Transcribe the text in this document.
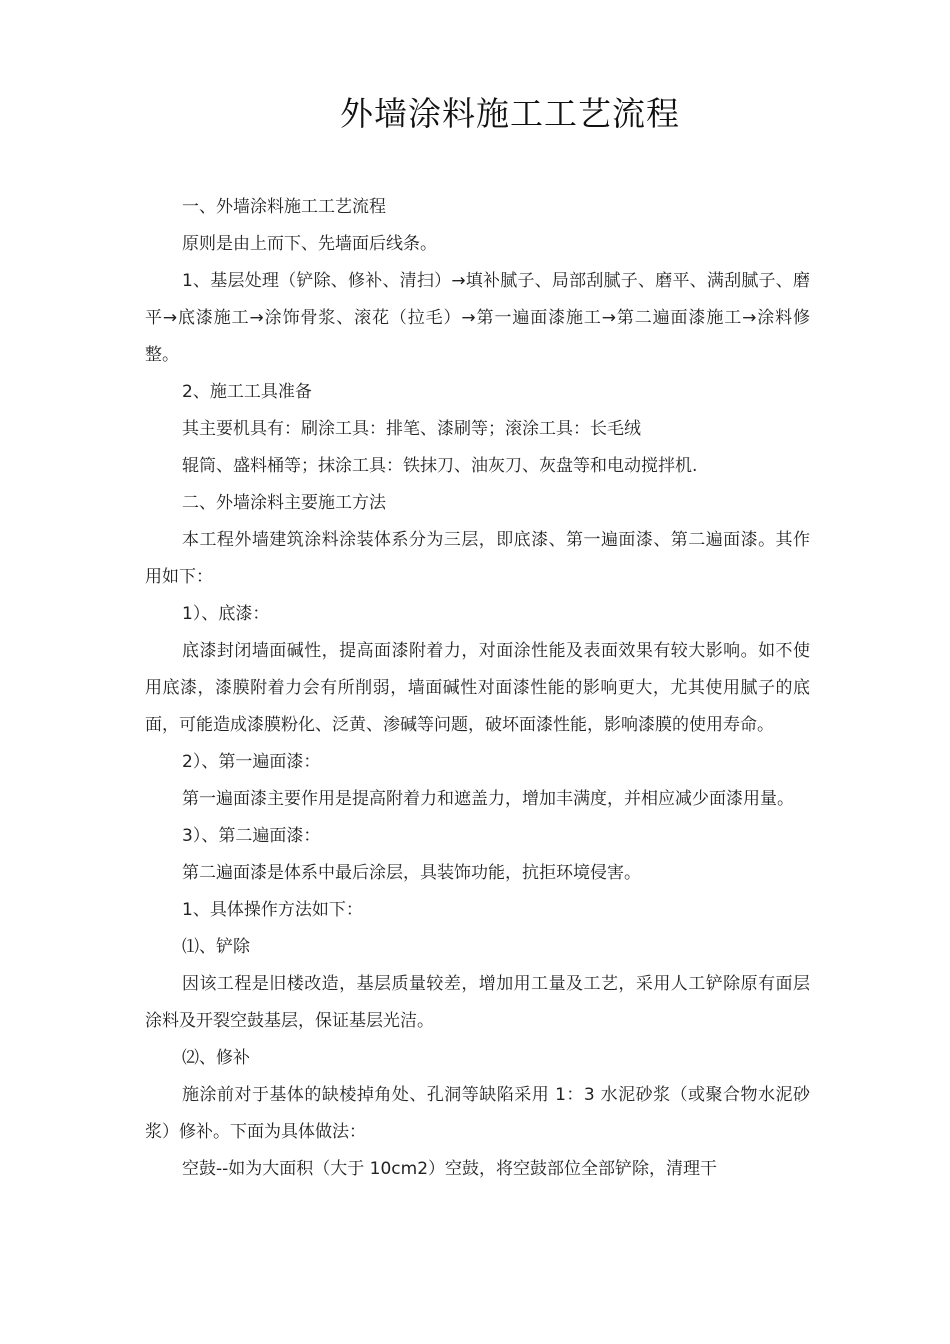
外墙涂料施工工艺流程

一、外墙涂料施工工艺流程

原则是由上而下、先墙面后线条。

1、基层处理（铲除、修补、清扫）→填补腻子、局部刮腻子、磨平、满刮腻子、磨平→底漆施工→涂饰骨浆、滚花（拉毛）→第一遍面漆施工→第二遍面漆施工→涂料修整。

2、施工工具准备

其主要机具有：刷涂工具：排笔、漆刷等；滚涂工具：长毛绒

辊筒、盛料桶等；抹涂工具：铁抹刀、油灰刀、灰盘等和电动搅拌机.

二、外墙涂料主要施工方法

本工程外墙建筑涂料涂装体系分为三层，即底漆、第一遍面漆、第二遍面漆。其作用如下：

1）、底漆：

底漆封闭墙面碱性，提高面漆附着力，对面涂性能及表面效果有较大影响。如不使用底漆，漆膜附着力会有所削弱，墙面碱性对面漆性能的影响更大，尤其使用腻子的底面，可能造成漆膜粉化、泛黄、渗碱等问题，破坏面漆性能，影响漆膜的使用寿命。

2）、第一遍面漆：

第一遍面漆主要作用是提高附着力和遮盖力，增加丰满度，并相应减少面漆用量。

3）、第二遍面漆：

第二遍面漆是体系中最后涂层，具装饰功能，抗拒环境侵害。

1、具体操作方法如下：

⑴、铲除

因该工程是旧楼改造，基层质量较差，增加用工量及工艺，采用人工铲除原有面层涂料及开裂空鼓基层，保证基层光洁。

⑵、修补

施涂前对于基体的缺棱掉角处、孔洞等缺陷采用 1：3 水泥砂浆（或聚合物水泥砂浆）修补。下面为具体做法：

空鼓--如为大面积（大于 10cm2）空鼓，将空鼓部位全部铲除，清理干
